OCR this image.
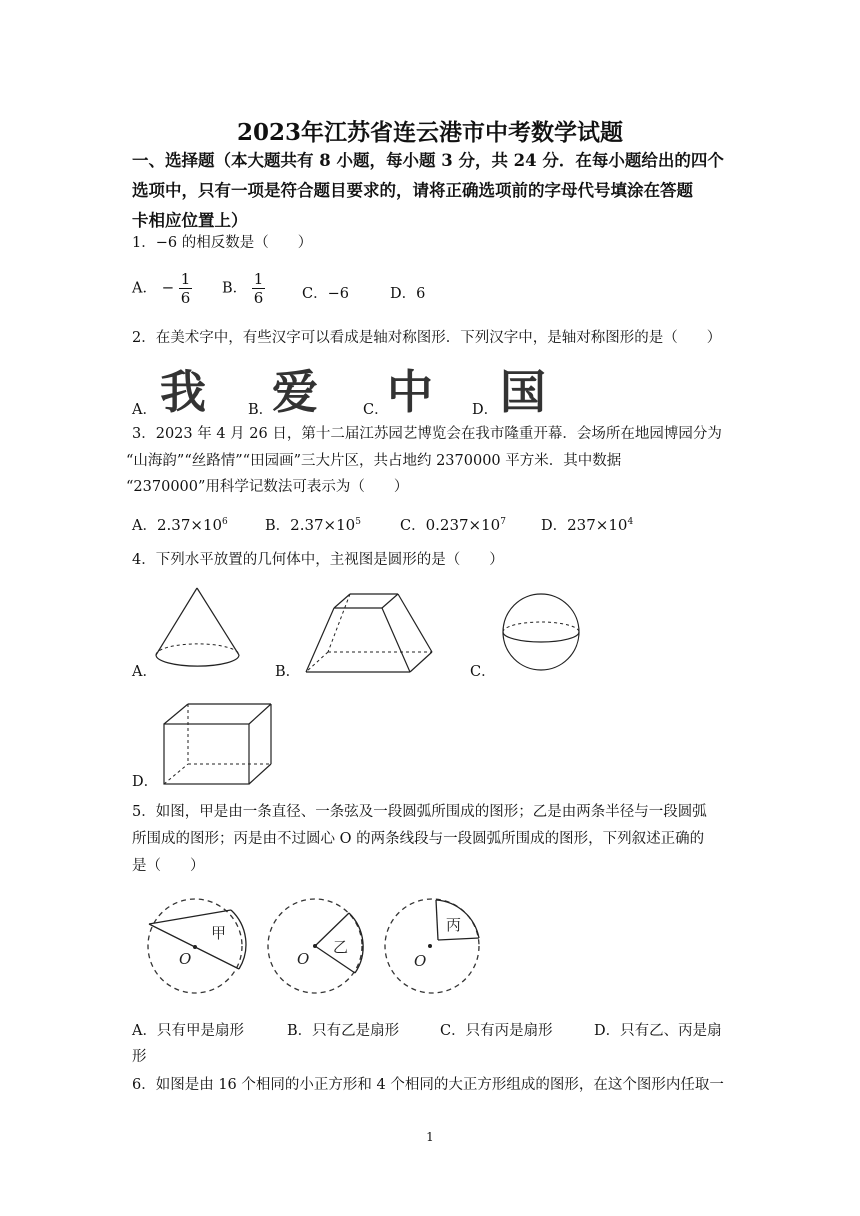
2023年江苏省连云港市中考数学试题
一、选择题（本大题共有 8 小题，每小题 3 分，共 24 分．在每小题给出的四个
选项中，只有一项是符合题目要求的，请将正确选项前的字母代号填涂在答题
卡相应位置上）
1．−6 的相反数是（　　）
A． − $\frac{1}{6}$ B． $\frac{1}{6}$	C．−6	D．6
2．在美术字中，有些汉字可以看成是轴对称图形．下列汉字中，是轴对称图形的是（　　）
A． 我	B．
爱	C．
中	D． 国
3．2023 年 4 月 26 日，第十二届江苏园艺博览会在我市隆重开幕．会场所在地园博园分为
“山海韵”“丝路情”“田园画”三大片区，共占地约 2370000 平方米．其中数据
“2370000”用科学记数法可表示为（　　）
A．$2.37\times 10^6$	B．$2.37\times 10^5$	C．$0.237\times 10^7$ D．$237\times 10^4$
4．下列水平放置的几何体中，主视图是圆形的是（　　）
A．	B．	C．
D．
5．如图，甲是由一条直径、一条弦及一段圆弧所围成的图形；乙是由两条半径与一段圆弧
所围成的图形；丙是由不过圆心 O 的两条线段与一段圆弧所围成的图形，下列叙述正确的
是（　　）
甲
O
乙
O
丙
O
A．只有甲是扇形	B．只有乙是扇形	C．只有丙是扇形	D．只有乙、丙是扇
形
6．如图是由 16 个相同的小正方形和 4 个相同的大正方形组成的图形，在这个图形内任取一
1
